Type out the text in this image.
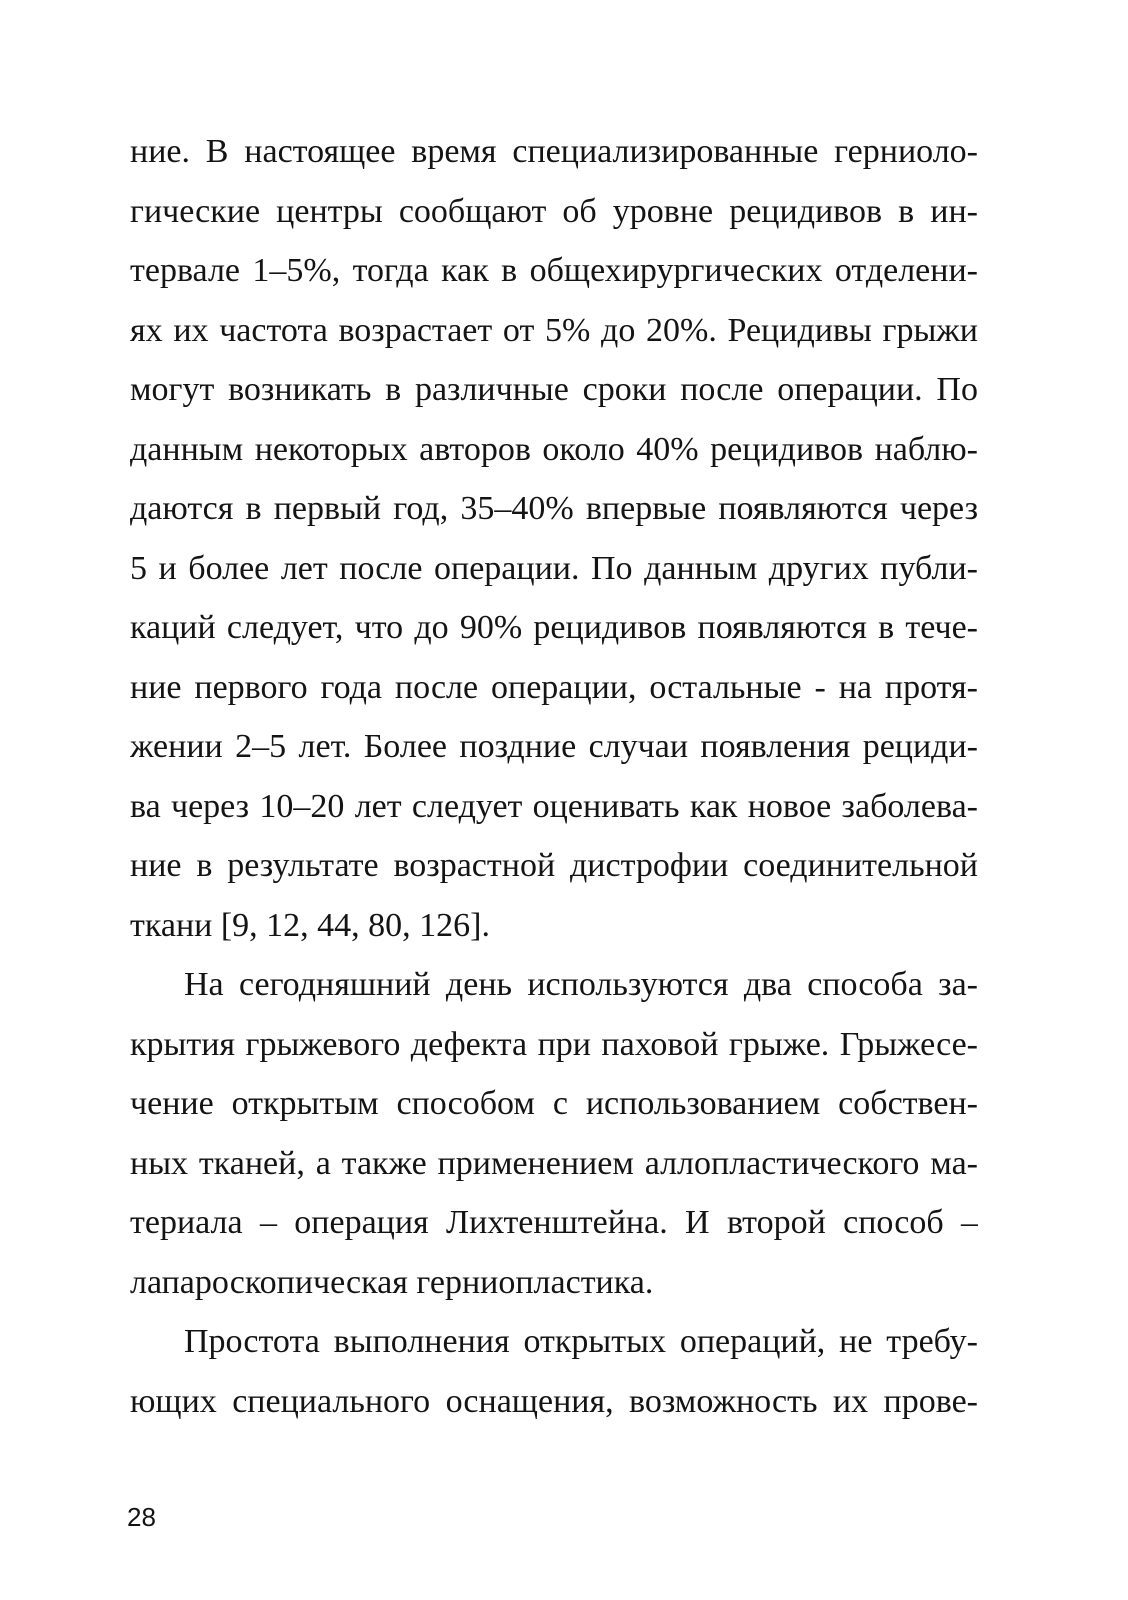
ние. В настоящее время специализированные герниоло-
гические центры сообщают об уровне рецидивов в ин-
тервале 1–5%, тогда как в общехирургических отделени-
ях их частота возрастает от 5% до 20%. Рецидивы грыжи
могут возникать в различные сроки после операции. По
данным некоторых авторов около 40% рецидивов наблю-
даются в первый год, 35–40% впервые появляются через
5 и более лет после операции. По данным других публи-
каций следует, что до 90% рецидивов появляются в тече-
ние первого года после операции, остальные - на протя-
жении 2–5 лет. Более поздние случаи появления рециди-
ва через 10–20 лет следует оценивать как новое заболева-
ние в результате возрастной дистрофии соединительной
ткани [9, 12, 44, 80, 126].
На сегодняшний день используются два способа за-
крытия грыжевого дефекта при паховой грыже. Грыжесе-
чение открытым способом с использованием собствен-
ных тканей, а также применением аллопластического ма-
териала – операция Лихтенштейна. И второй способ –
лапароскопическая герниопластика.
Простота выполнения открытых операций, не требу-
ющих специального оснащения, возможность их прове-
28
